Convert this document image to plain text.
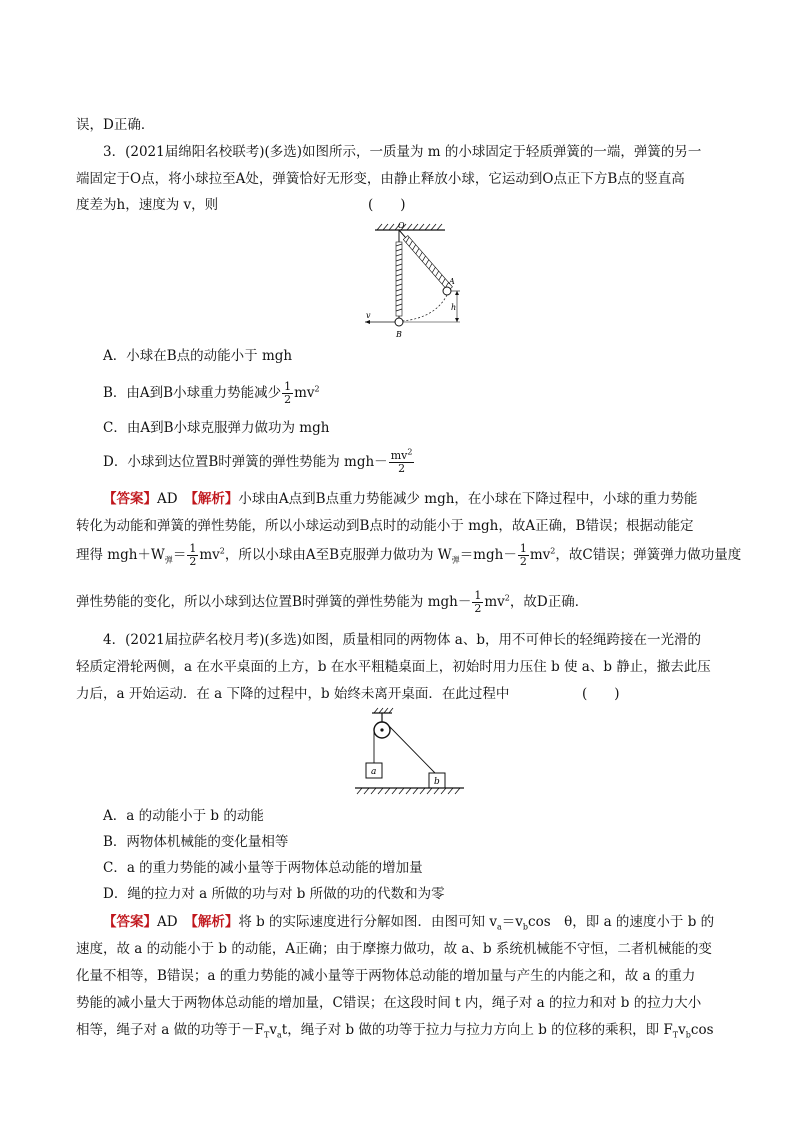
误，D正确．
3．(2021届绵阳名校联考)(多选)如图所示，一质量为 m 的小球固定于轻质弹簧的一端，弹簧的另一
端固定于O点，将小球拉至A处，弹簧恰好无形变，由静止释放小球，它运动到O点正下方B点的竖直高
度差为h，速度为 v，则	(　　)
O
A
B
h
v
A．小球在B点的动能小于 mgh
B．由A到B小球重力势能减少 $\frac{1}{2} mv^2$
C．由A到B小球克服弹力做功为 mgh
D．小球到达位置B时弹簧的弹性势能为 $mgh- \frac{mv^2}{2}$
【答案】AD　 【解析】小球由A点到B点重力势能减少 mgh，在小球在下降过程中，小球的重力势能
转化为动能和弹簧的弹性势能，所以小球运动到B点时的动能小于 mgh，故A正确，B错误；根据动能定
理得 $mgh+W_弹= \frac{1}{2} mv^2$，所以小球由A至B克服弹力做功为 $W_弹=mgh- \frac{1}{2} mv^2$，故C错误；弹簧弹力做功量度
弹性势能的变化，所以小球到达位置B时弹簧的弹性势能为 $mgh- \frac{1}{2} mv^2$，故D正确．
4．(2021届拉萨名校月考)(多选)如图，质量相同的两物体 a、b，用不可伸长的轻绳跨接在一光滑的
轻质定滑轮两侧，a 在水平桌面的上方，b 在水平粗糙桌面上，初始时用力压住 b 使 a、b 静止，撤去此压
力后，a 开始运动．在 a 下降的过程中，b 始终未离开桌面．在此过程中	(　　)
a
b
A．a 的动能小于 b 的动能
B．两物体机械能的变化量相等
C．a 的重力势能的减小量等于两物体总动能的增加量
D．绳的拉力对 a 所做的功与对 b 所做的功的代数和为零
【答案】AD　 【解析】将 b 的实际速度进行分解如图．由图可知 $v_a=v_b\cos$　θ，即 a 的速度小于 b 的
速度，故 a 的动能小于 b 的动能，A正确；由于摩擦力做功，故 a、b 系统机械能不守恒，二者机械能的变
化量不相等，B错误；a 的重力势能的减小量等于两物体总动能的增加量与产生的内能之和，故 a 的重力
势能的减小量大于两物体总动能的增加量，C错误；在这段时间 t 内，绳子对 a 的拉力和对 b 的拉力大小
相等，绳子对 a 做的功等于$-F_Tv_at$，绳子对 b 做的功等于拉力与拉力方向上 b 的位移的乘积，即 $F_Tv_b\cos$
